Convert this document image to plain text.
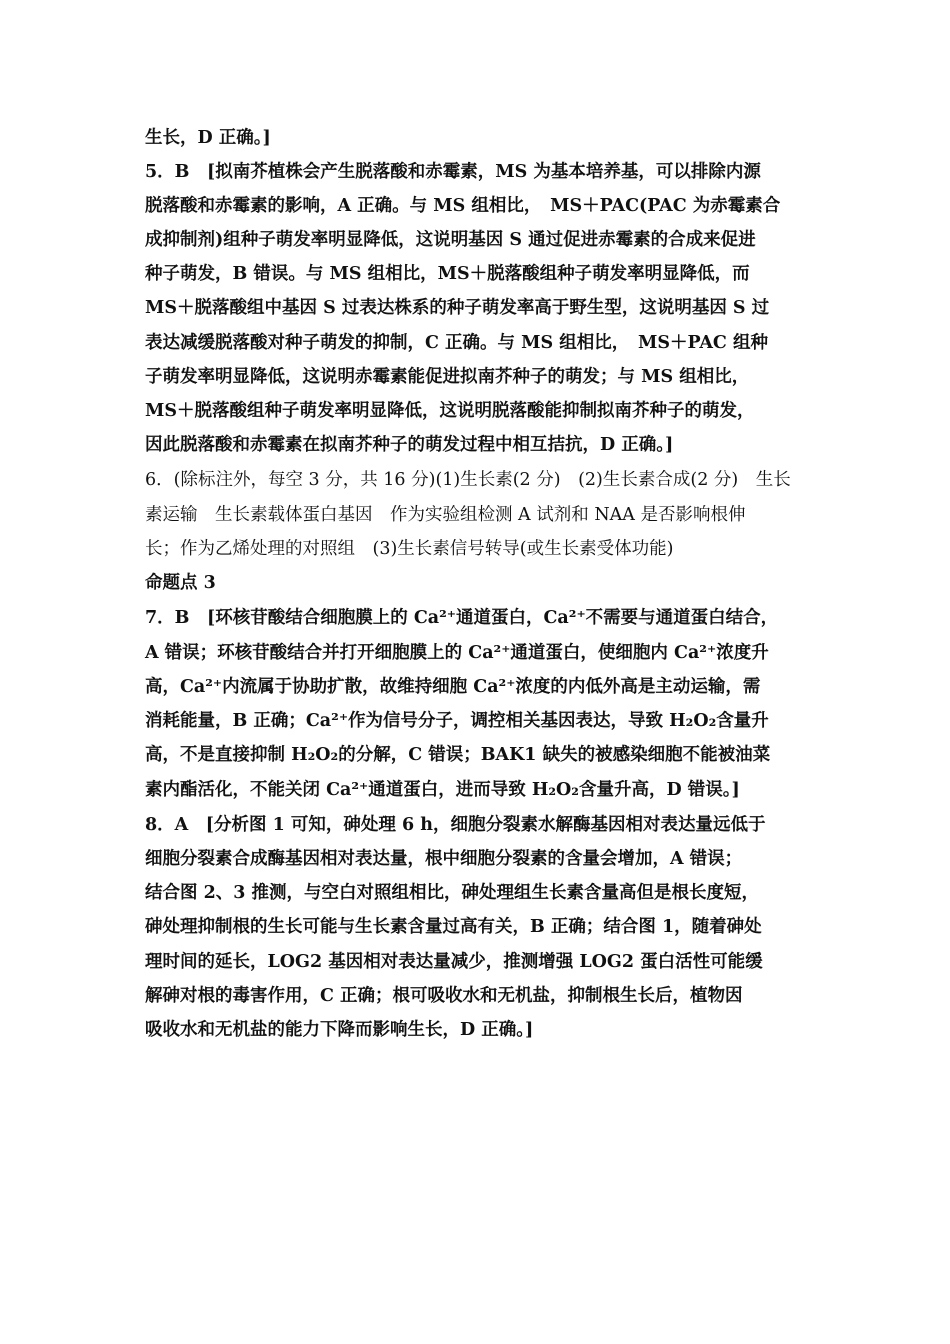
生长，D 正确。]
5．B　[拟南芥植株会产生脱落酸和赤霉素，MS 为基本培养基，可以排除内源
脱落酸和赤霉素的影响，A 正确。与 MS 组相比，　MS＋PAC(PAC 为赤霉素合
成抑制剂)组种子萌发率明显降低，这说明基因 S 通过促进赤霉素的合成来促进
种子萌发，B 错误。与 MS 组相比，MS＋脱落酸组种子萌发率明显降低，而
MS＋脱落酸组中基因 S 过表达株系的种子萌发率高于野生型，这说明基因 S 过
表达减缓脱落酸对种子萌发的抑制，C 正确。与 MS 组相比，　MS＋PAC 组种
子萌发率明显降低，这说明赤霉素能促进拟南芥种子的萌发；与 MS 组相比，
MS＋脱落酸组种子萌发率明显降低，这说明脱落酸能抑制拟南芥种子的萌发，
因此脱落酸和赤霉素在拟南芥种子的萌发过程中相互拮抗，D 正确。]
6．(除标注外，每空 3 分，共 16 分)(1)生长素(2 分)　(2)生长素合成(2 分)　生长
素运输　生长素载体蛋白基因　作为实验组检测 A 试剂和 NAA 是否影响根伸
长；作为乙烯处理的对照组　(3)生长素信号转导(或生长素受体功能)
命题点 3
7．B　[环核苷酸结合细胞膜上的 Ca²⁺通道蛋白，Ca²⁺不需要与通道蛋白结合，
A 错误；环核苷酸结合并打开细胞膜上的 Ca²⁺通道蛋白，使细胞内 Ca²⁺浓度升
高，Ca²⁺内流属于协助扩散，故维持细胞 Ca²⁺浓度的内低外高是主动运输，需
消耗能量，B 正确；Ca²⁺作为信号分子，调控相关基因表达，导致 H₂O₂含量升
高，不是直接抑制 H₂O₂的分解，C 错误；BAK1 缺失的被感染细胞不能被油菜
素内酯活化，不能关闭 Ca²⁺通道蛋白，进而导致 H₂O₂含量升高，D 错误。]
8．A　[分析图 1 可知，砷处理 6 h，细胞分裂素水解酶基因相对表达量远低于
细胞分裂素合成酶基因相对表达量，根中细胞分裂素的含量会增加，A 错误；
结合图 2、3 推测，与空白对照组相比，砷处理组生长素含量高但是根长度短，
砷处理抑制根的生长可能与生长素含量过高有关，B 正确；结合图 1，随着砷处
理时间的延长，LOG2 基因相对表达量减少，推测增强 LOG2 蛋白活性可能缓
解砷对根的毒害作用，C 正确；根可吸收水和无机盐，抑制根生长后，植物因
吸收水和无机盐的能力下降而影响生长，D 正确。]
